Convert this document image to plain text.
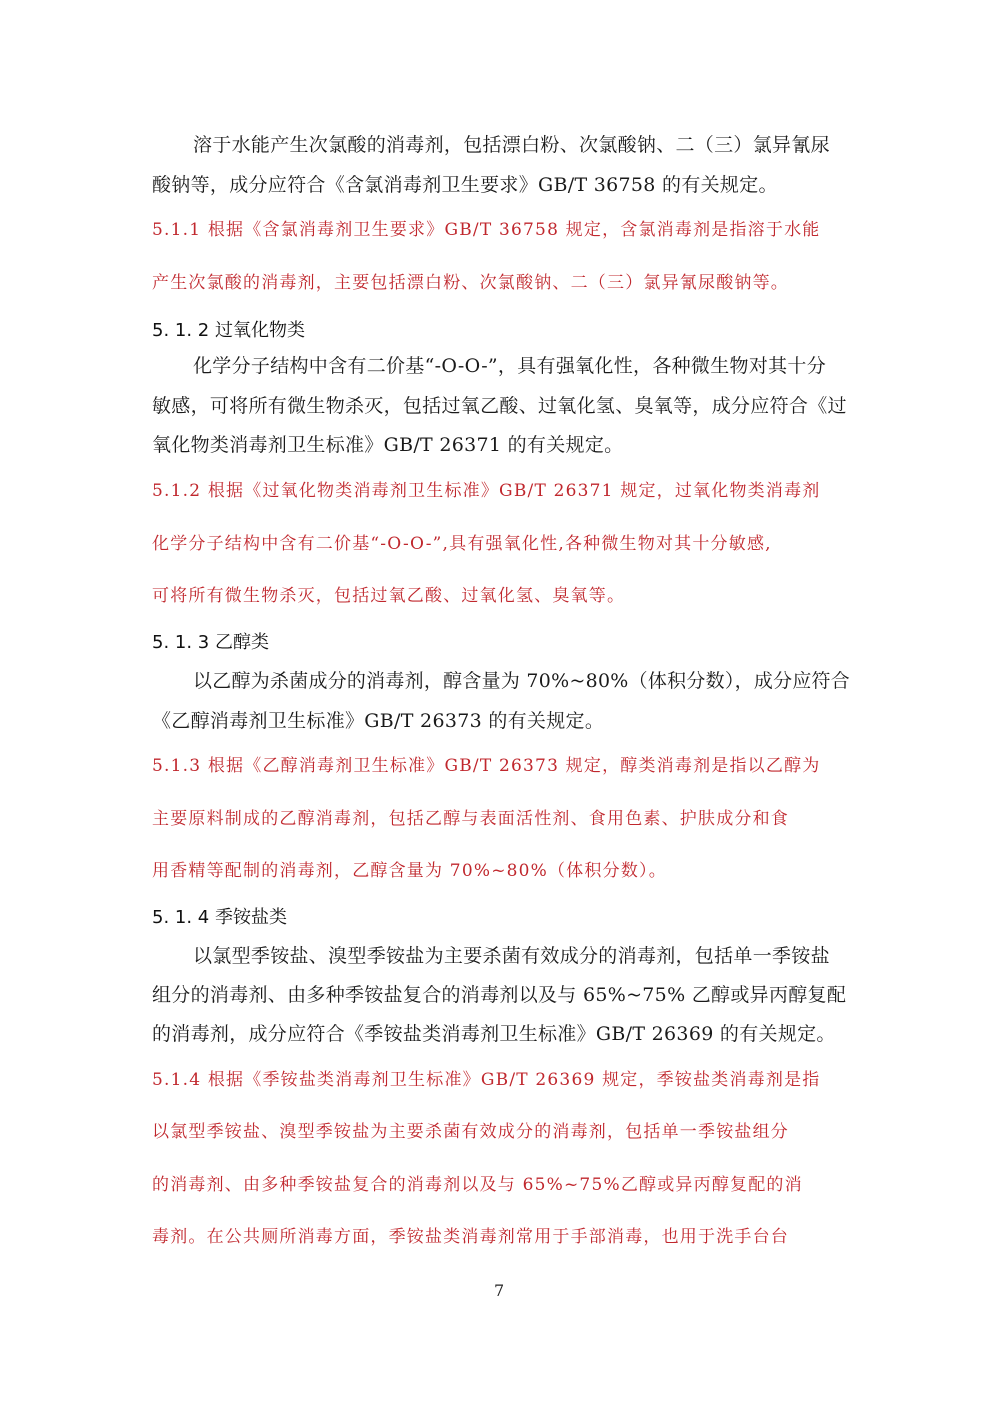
溶于水能产生次氯酸的消毒剂，包括漂白粉、次氯酸钠、二（三）氯异氰尿
酸钠等，成分应符合《含氯消毒剂卫生要求》GB/T 36758 的有关规定。
5.1.1 根据《含氯消毒剂卫生要求》GB/T 36758 规定，含氯消毒剂是指溶于水能
产生次氯酸的消毒剂，主要包括漂白粉、次氯酸钠、二（三）氯异氰尿酸钠等。
5. 1. 2 过氧化物类
化学分子结构中含有二价基“-O-O-”，具有强氧化性，各种微生物对其十分
敏感，可将所有微生物杀灭，包括过氧乙酸、过氧化氢、臭氧等，成分应符合《过
氧化物类消毒剂卫生标准》GB/T 26371 的有关规定。
5.1.2 根据《过氧化物类消毒剂卫生标准》GB/T 26371 规定，过氧化物类消毒剂
化学分子结构中含有二价基“-O-O-”,具有强氧化性,各种微生物对其十分敏感,
可将所有微生物杀灭，包括过氧乙酸、过氧化氢、臭氧等。
5. 1. 3 乙醇类
以乙醇为杀菌成分的消毒剂，醇含量为 70%~80%（体积分数），成分应符合
《乙醇消毒剂卫生标准》GB/T 26373 的有关规定。
5.1.3 根据《乙醇消毒剂卫生标准》GB/T 26373 规定，醇类消毒剂是指以乙醇为
主要原料制成的乙醇消毒剂，包括乙醇与表面活性剂、食用色素、护肤成分和食
用香精等配制的消毒剂，乙醇含量为 70%~80%（体积分数）。
5. 1. 4 季铵盐类
以氯型季铵盐、溴型季铵盐为主要杀菌有效成分的消毒剂，包括单一季铵盐
组分的消毒剂、由多种季铵盐复合的消毒剂以及与 65%~75% 乙醇或异丙醇复配
的消毒剂，成分应符合《季铵盐类消毒剂卫生标准》GB/T 26369 的有关规定。
5.1.4 根据《季铵盐类消毒剂卫生标准》GB/T 26369 规定，季铵盐类消毒剂是指
以氯型季铵盐、溴型季铵盐为主要杀菌有效成分的消毒剂，包括单一季铵盐组分
的消毒剂、由多种季铵盐复合的消毒剂以及与 65%~75%乙醇或异丙醇复配的消
毒剂。在公共厕所消毒方面，季铵盐类消毒剂常用于手部消毒，也用于洗手台台
7
